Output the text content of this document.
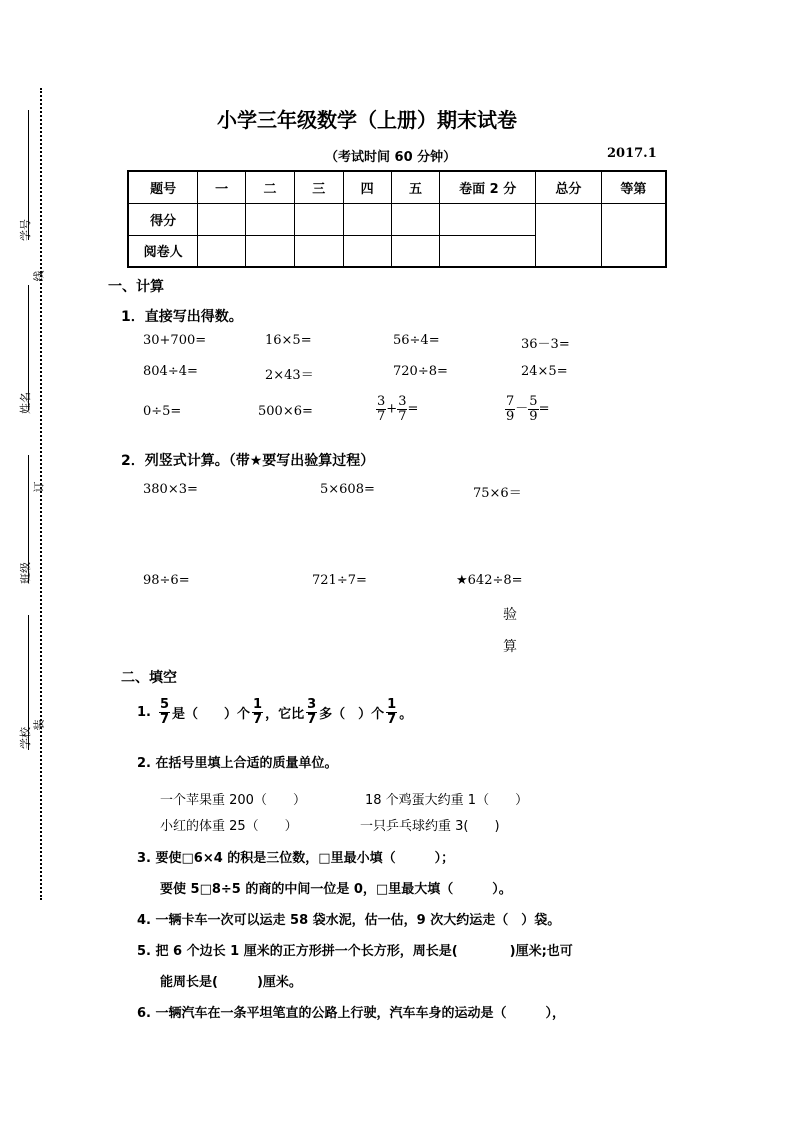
学号
线
姓名
订
班级
学校
装
小学三年级数学（上册）期末试卷
（考试时间 60 分钟）	2017.1
题号	一	二	三	四	五	卷面 2 分	总分	等第
得分								
阅卷人								
一、计算
1．直接写出得数。
30+700=	16×5=	56÷4=	36－3=
804÷4=	2×43＝	720÷8=	24×5=
0÷5=	500×6=	$\frac{3}{7} + \frac{3}{7}$ =	$\frac{7}{9} - \frac{5}{9}$ =
2．列竖式计算。（带★要写出验算过程）
380×3=	5×608=	75×6＝
98÷6=	721÷7=	★642÷8=
验
算
二、填空
1. $\frac{5}{7}$ 是（　　）个 $\frac{1}{7}$ ，它比 $\frac{3}{7}$ 多（　）个 $\frac{1}{7}$ 。
2. 在括号里填上合适的质量单位。
一个苹果重 200（　　）	18 个鸡蛋大约重 1（　　）
小红的体重 25（　　）	一只乒乓球约重 3(　　)
3. 要使□6×4 的积是三位数，□里最小填（　　　）；
要使 5□8÷5 的商的中间一位是 0，□里最大填（　　　）。
4. 一辆卡车一次可以运走 58 袋水泥，估一估，9 次大约运走（　）袋。
5. 把 6 个边长 1 厘米的正方形拼一个长方形，周长是(　　　　)厘米;也可
能周长是(　　　)厘米。
6. 一辆汽车在一条平坦笔直的公路上行驶，汽车车身的运动是（　　　），
